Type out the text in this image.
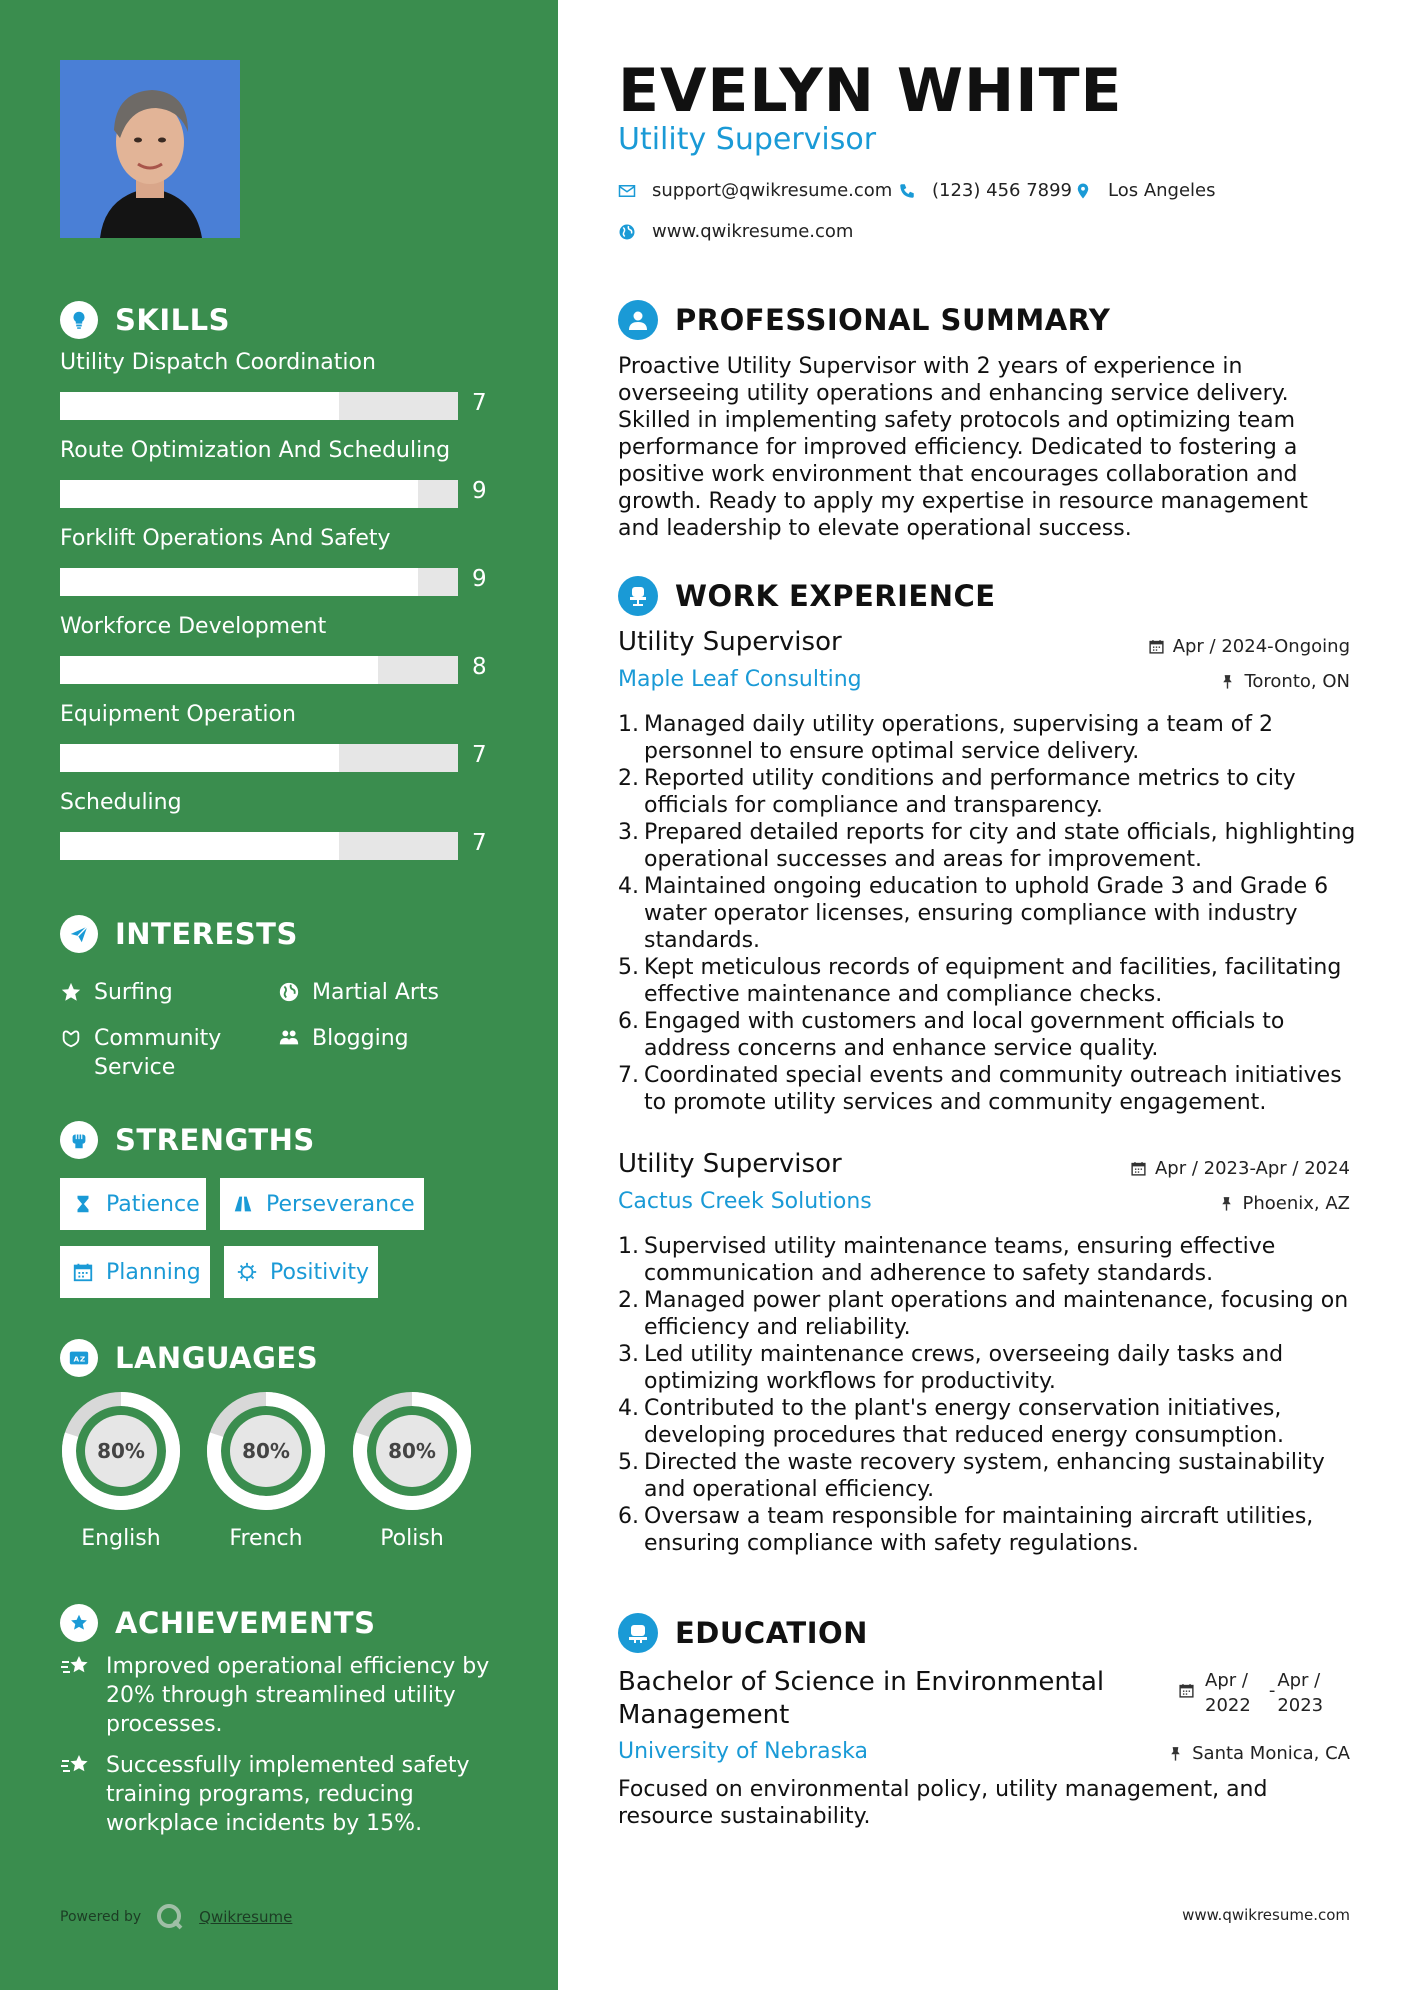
SKILLS
Utility Dispatch Coordination
7
Route Optimization And Scheduling
9
Forklift Operations And Safety
9
Workforce Development
8
Equipment Operation
7
Scheduling
7
INTERESTS
Surfing	Martial Arts
Community Service
Blogging
STRENGTHS
Patience	Perseverance
Planning	Positivity
A Z LANGUAGES
80%
English
80%
French
80%
Polish
ACHIEVEMENTS
Improved operational efficiency by 20% through streamlined utility processes.
Successfully implemented safety training programs, reducing workplace incidents by 15%.
Powered by	Qwikresume
EVELYN WHITE
Utility Supervisor
support@qwikresume.com (123) 456 7899 Los Angeles
www.qwikresume.com
PROFESSIONAL SUMMARY
Proactive Utility Supervisor with 2 years of experience in overseeing utility operations and enhancing service delivery. Skilled in implementing safety protocols and optimizing team performance for improved efficiency. Dedicated to fostering a positive work environment that encourages collaboration and growth. Ready to apply my expertise in resource management and leadership to elevate operational success.
WORK EXPERIENCE
Utility Supervisor
Maple Leaf Consulting
Apr / 2024-Ongoing
Toronto, ON
1. Managed daily utility operations, supervising a team of 2 personnel to ensure optimal service delivery.
2. Reported utility conditions and performance metrics to city officials for compliance and transparency.
3. Prepared detailed reports for city and state officials, highlighting operational successes and areas for improvement.
4. Maintained ongoing education to uphold Grade 3 and Grade 6 water operator licenses, ensuring compliance with industry standards.
5. Kept meticulous records of equipment and facilities, facilitating effective maintenance and compliance checks.
6. Engaged with customers and local government officials to address concerns and enhance service quality.
7. Coordinated special events and community outreach initiatives to promote utility services and community engagement.
Utility Supervisor
Cactus Creek Solutions
Apr / 2023-Apr / 2024
Phoenix, AZ
1. Supervised utility maintenance teams, ensuring effective communication and adherence to safety standards.
2. Managed power plant operations and maintenance, focusing on efficiency and reliability.
3. Led utility maintenance crews, overseeing daily tasks and optimizing workflows for productivity.
4. Contributed to the plant's energy conservation initiatives, developing procedures that reduced energy consumption.
5. Directed the waste recovery system, enhancing sustainability and operational efficiency.
6. Oversaw a team responsible for maintaining aircraft utilities, ensuring compliance with safety regulations.
EDUCATION
Bachelor of Science in Environmental Management
Apr /
2022
- Apr /
2023
University of Nebraska	Santa Monica, CA
Focused on environmental policy, utility management, and resource sustainability.
www.qwikresume.com
